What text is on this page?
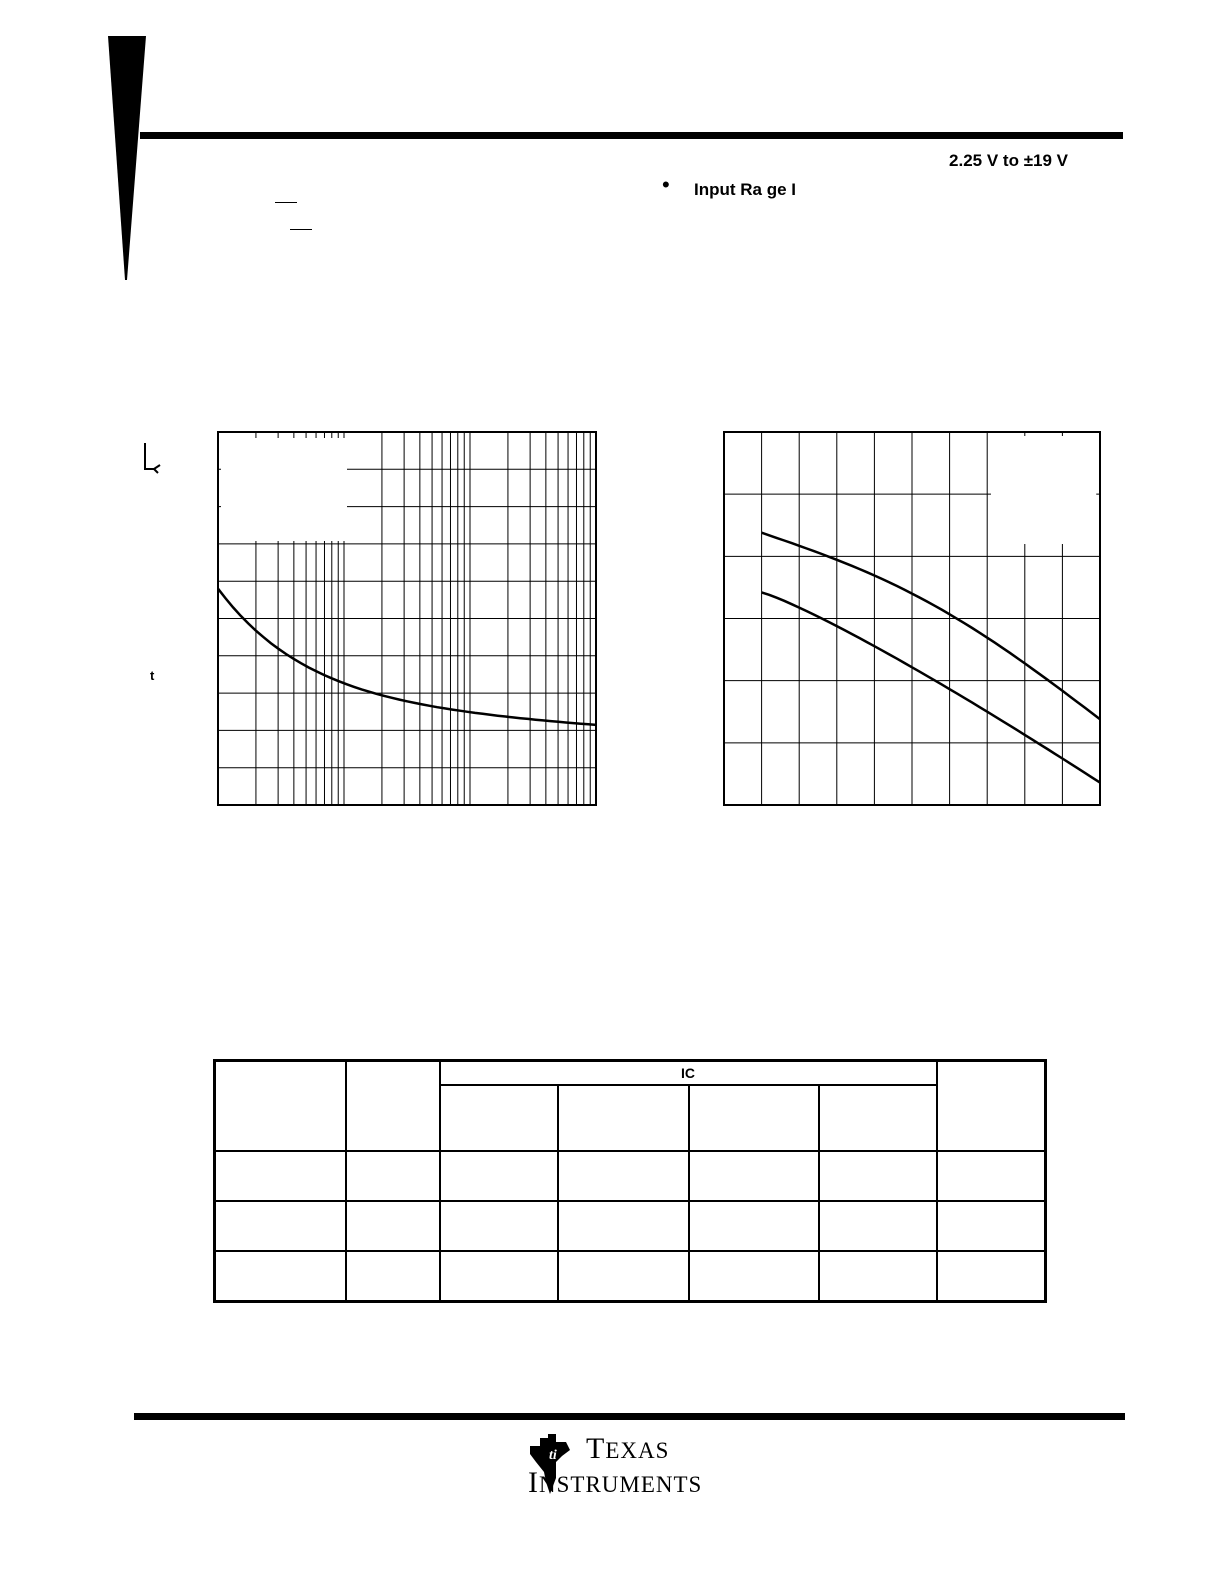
2.25 V to ±19 V
• Input Ra ge I
t
		IC				

ti TEXAS
INSTRUMENTS
